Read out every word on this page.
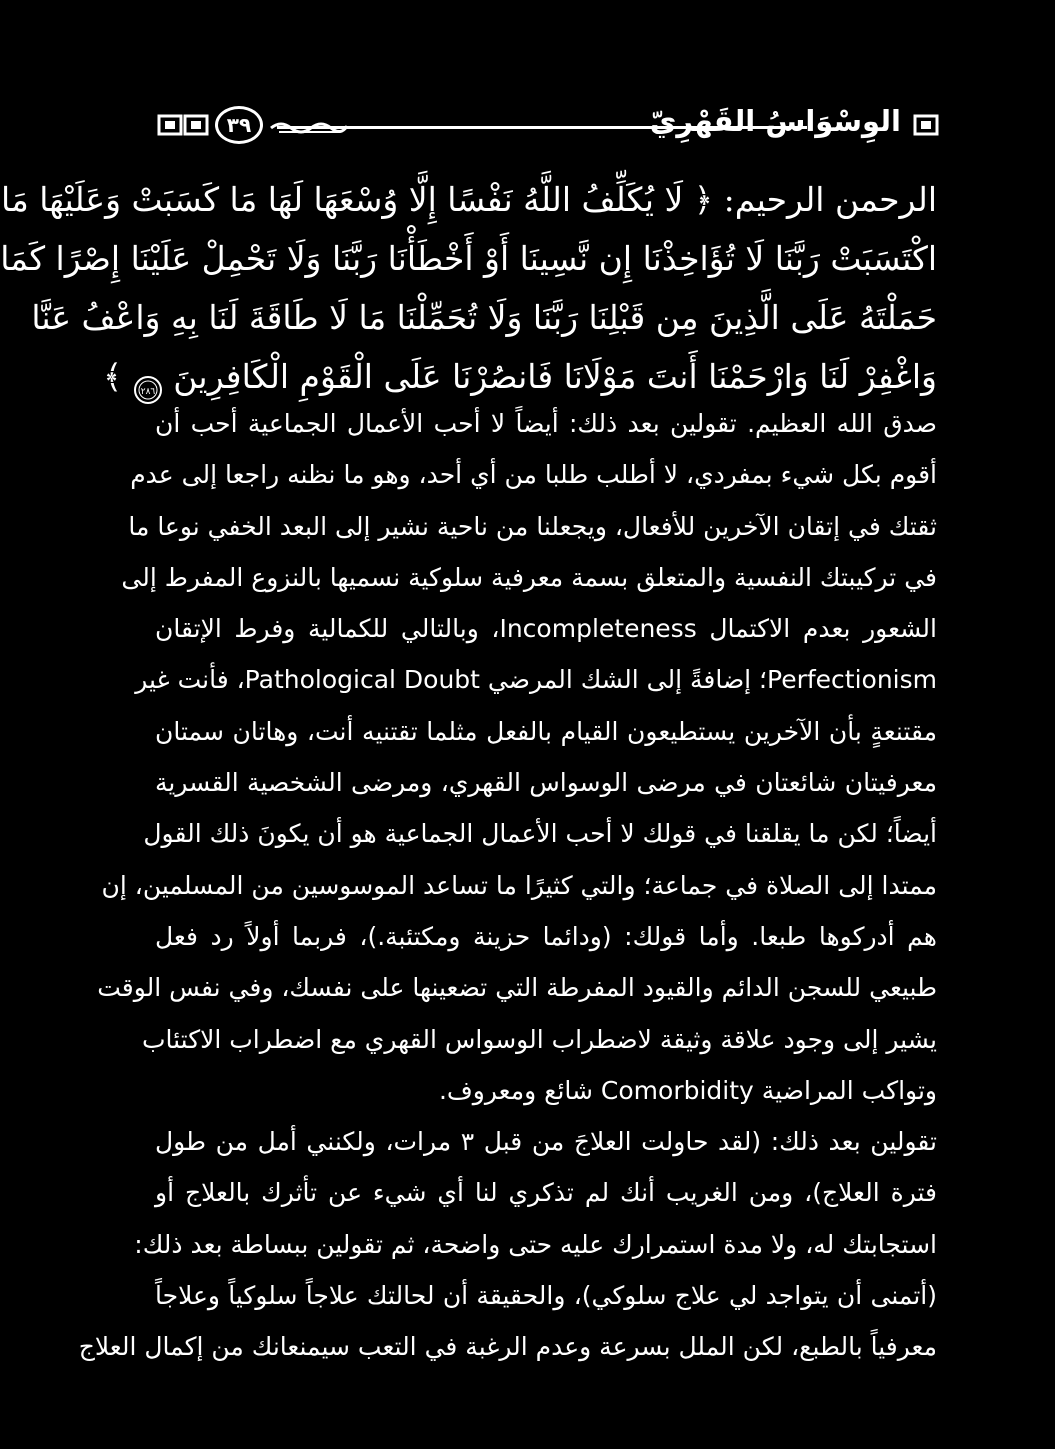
٣٩	الوِسْوَاسُ القَهْرِيّ
الرحمن الرحيم: ﴿ لَا يُكَلِّفُ اللَّهُ نَفْسًا إِلَّا وُسْعَهَا لَهَا مَا كَسَبَتْ وَعَلَيْهَا مَا
اكْتَسَبَتْ رَبَّنَا لَا تُؤَاخِذْنَا إِن نَّسِينَا أَوْ أَخْطَأْنَا رَبَّنَا وَلَا تَحْمِلْ عَلَيْنَا إِصْرًا كَمَا
حَمَلْتَهُ عَلَى الَّذِينَ مِن قَبْلِنَا رَبَّنَا وَلَا تُحَمِّلْنَا مَا لَا طَاقَةَ لَنَا بِهِ وَاعْفُ عَنَّا
وَاغْفِرْ لَنَا وَارْحَمْنَا أَنتَ مَوْلَانَا فَانصُرْنَا عَلَى الْقَوْمِ الْكَافِرِينَ
٢٨٦
﴾
صدق الله العظيم. تقولين بعد ذلك: أيضاً لا أحب الأعمال الجماعية أحب أن
أقوم بكل شيء بمفردي، لا أطلب طلبا من أي أحد، وهو ما نظنه راجعا إلى عدم
ثقتك في إتقان الآخرين للأفعال، ويجعلنا من ناحية نشير إلى البعد الخفي نوعا ما
في تركيبتك النفسية والمتعلق بسمة معرفية سلوكية نسميها بالنزوع المفرط إلى
الشعور بعدم الاكتمال Incompleteness، وبالتالي للكمالية وفرط الإتقان
Perfectionism؛ إضافةً إلى الشك المرضي Pathological Doubt، فأنت غير
مقتنعةٍ بأن الآخرين يستطيعون القيام بالفعل مثلما تقتنيه أنت، وهاتان سمتان
معرفيتان شائعتان في مرضى الوسواس القهري، ومرضى الشخصية القسرية
أيضاً؛ لكن ما يقلقنا في قولك لا أحب الأعمال الجماعية هو أن يكونَ ذلك القول
ممتدا إلى الصلاة في جماعة؛ والتي كثيرًا ما تساعد الموسوسين من المسلمين، إن
هم أدركوها طبعا. وأما قولك: (ودائما حزينة ومكتئبة.)، فربما أولاً رد فعل
طبيعي للسجن الدائم والقيود المفرطة التي تضعينها على نفسك، وفي نفس الوقت
يشير إلى وجود علاقة وثيقة لاضطراب الوسواس القهري مع اضطراب الاكتئاب
وتواكب المراضية Comorbidity شائع ومعروف.
تقولين بعد ذلك: (لقد حاولت العلاجَ من قبل ٣ مرات، ولكنني أمل من طول
فترة العلاج)، ومن الغريب أنك لم تذكري لنا أي شيء عن تأثرك بالعلاج أو
استجابتك له، ولا مدة استمرارك عليه حتى واضحة، ثم تقولين ببساطة بعد ذلك:
(أتمنى أن يتواجد لي علاج سلوكي)، والحقيقة أن لحالتك علاجاً سلوكياً وعلاجاً
معرفياً بالطبع، لكن الملل بسرعة وعدم الرغبة في التعب سيمنعانك من إكمال العلاج
